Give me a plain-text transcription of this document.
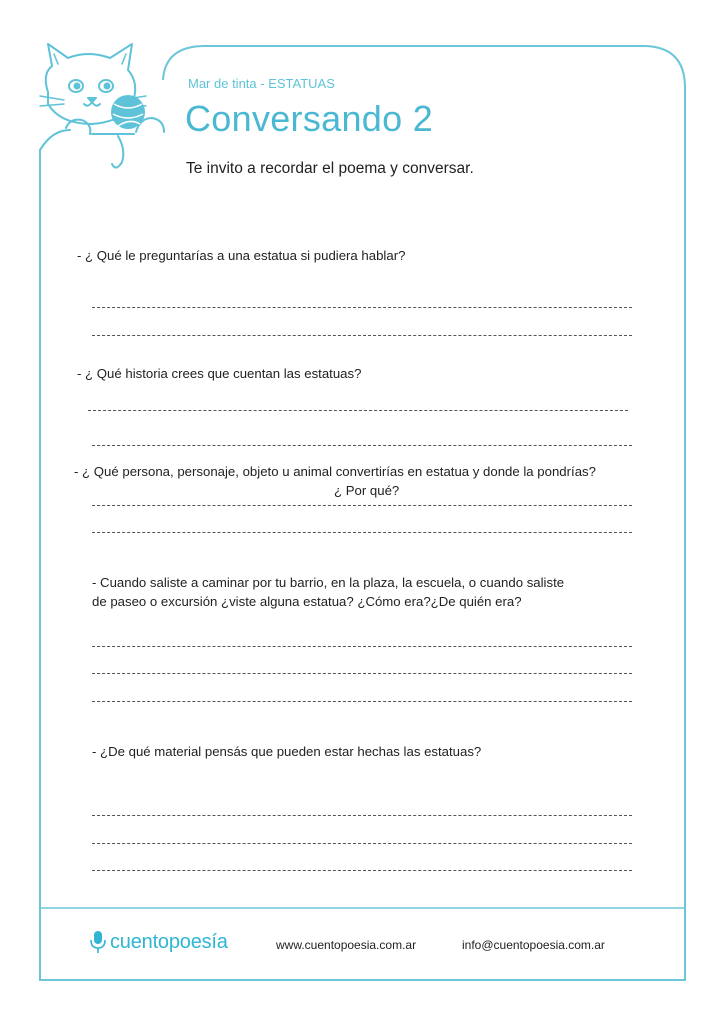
Mar de tinta - ESTATUAS
Conversando 2
Te invito a recordar el poema y conversar.
- ¿ Qué le preguntarías a una estatua si pudiera hablar?
- ¿ Qué historia crees que cuentan las estatuas?
- ¿ Qué persona, personaje, objeto u animal convertirías en estatua y donde la pondrías?
¿ Por qué?
- Cuando saliste a caminar por tu barrio, en la plaza, la escuela, o cuando saliste
de paseo o excursión ¿viste alguna estatua? ¿Cómo era?¿De quién era?
- ¿De qué material pensás que pueden estar hechas las estatuas?
cuentopoesía	www.cuentopoesia.com.ar	info@cuentopoesia.com.ar
